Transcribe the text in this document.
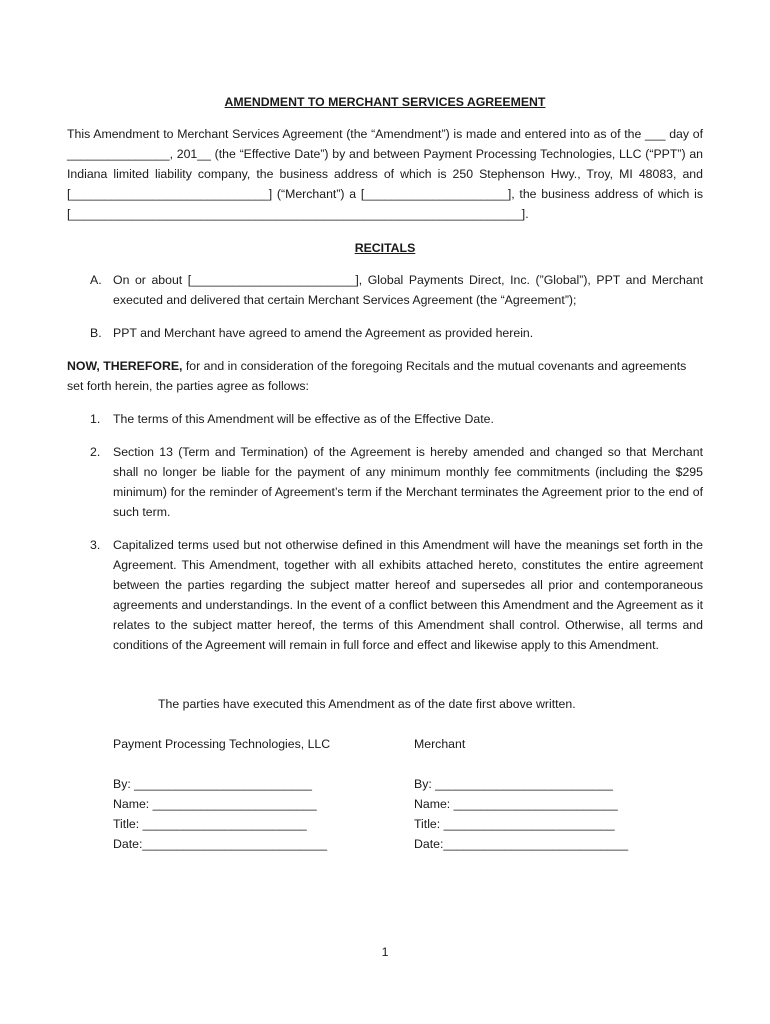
AMENDMENT TO MERCHANT SERVICES AGREEMENT
This Amendment to Merchant Services Agreement (the “Amendment”) is made and entered into as of the ___ day of _______________, 201__ (the “Effective Date”) by and between Payment Processing Technologies, LLC (“PPT”) an Indiana limited liability company, the business address of which is 250 Stephenson Hwy., Troy, MI 48083, and [_____________________________] (“Merchant”) a [_____________________], the business address of which is [__________________________________________________________________].
RECITALS
A. On or about [________________________], Global Payments Direct, Inc. (”Global”), PPT and Merchant executed and delivered that certain Merchant Services Agreement (the “Agreement”);
B. PPT and Merchant have agreed to amend the Agreement as provided herein.
NOW, THEREFORE, for and in consideration of the foregoing Recitals and the mutual covenants and agreements set forth herein, the parties agree as follows:
1.	The terms of this Amendment will be effective as of the Effective Date.
2.	Section 13 (Term and Termination) of the Agreement is hereby amended and changed so that Merchant shall no longer be liable for the payment of any minimum monthly fee commitments (including the $295 minimum) for the reminder of Agreement’s term if the Merchant terminates the Agreement prior to the end of such term.
3.	Capitalized terms used but not otherwise defined in this Amendment will have the meanings set forth in the Agreement. This Amendment, together with all exhibits attached hereto, constitutes the entire agreement between the parties regarding the subject matter hereof and supersedes all prior and contemporaneous agreements and understandings. In the event of a conflict between this Amendment and the Agreement as it relates to the subject matter hereof, the terms of this Amendment shall control. Otherwise, all terms and conditions of the Agreement will remain in full force and effect and likewise apply to this Amendment.
The parties have executed this Amendment as of the date first above written.
Payment Processing Technologies, LLC
By: __________________________
Name: ________________________
Title: ________________________
Date:___________________________
Merchant
By: __________________________
Name: ________________________
Title: _________________________
Date:___________________________
1
